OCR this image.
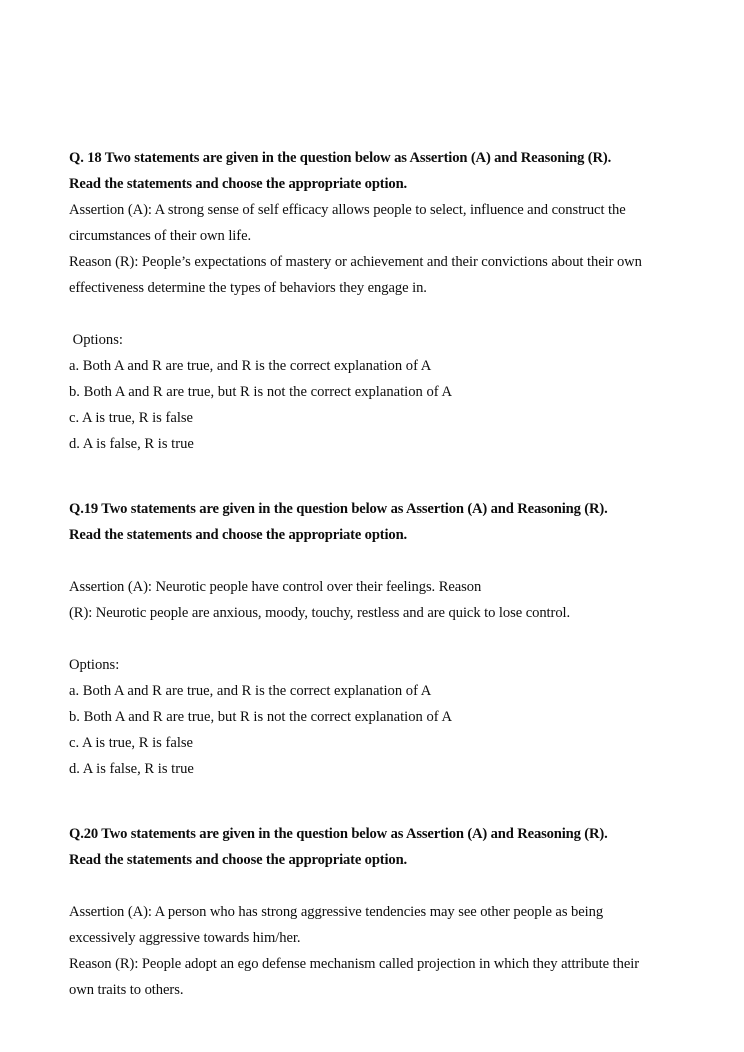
Q. 18 Two statements are given in the question below as Assertion (A) and Reasoning (R).
Read the statements and choose the appropriate option.
Assertion (A): A strong sense of self efficacy allows people to select, influence and construct the
circumstances of their own life.
Reason (R): People’s expectations of mastery or achievement and their convictions about their own
effectiveness determine the types of behaviors they engage in.
Options:
a. Both A and R are true, and R is the correct explanation of A
b. Both A and R are true, but R is not the correct explanation of A
c. A is true, R is false
d. A is false, R is true
Q.19 Two statements are given in the question below as Assertion (A) and Reasoning (R).
Read the statements and choose the appropriate option.
Assertion (A): Neurotic people have control over their feelings. Reason
(R): Neurotic people are anxious, moody, touchy, restless and are quick to lose control.
Options:
a. Both A and R are true, and R is the correct explanation of A
b. Both A and R are true, but R is not the correct explanation of A
c. A is true, R is false
d. A is false, R is true
Q.20 Two statements are given in the question below as Assertion (A) and Reasoning (R).
Read the statements and choose the appropriate option.
Assertion (A): A person who has strong aggressive tendencies may see other people as being
excessively aggressive towards him/her.
Reason (R): People adopt an ego defense mechanism called projection in which they attribute their
own traits to others.
